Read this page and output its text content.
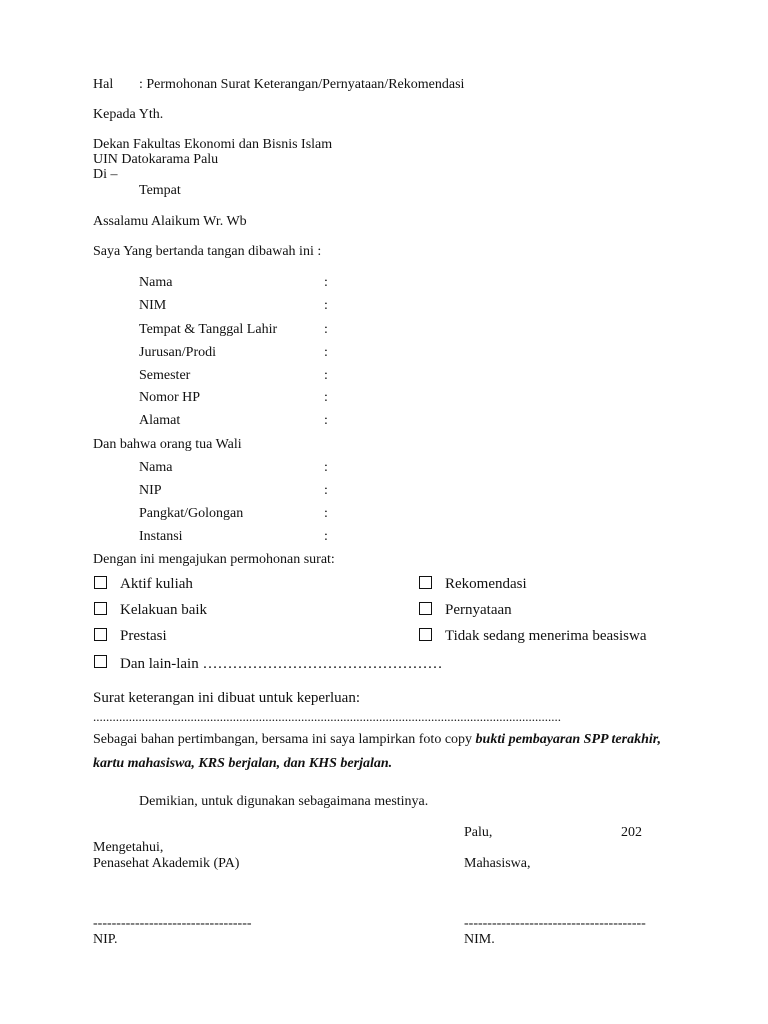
Hal : Permohonan Surat Keterangan/Pernyataan/Rekomendasi
Kepada Yth.
Dekan Fakultas Ekonomi dan Bisnis Islam
UIN Datokarama Palu
Di –
Tempat
Assalamu Alaikum Wr. Wb
Saya Yang bertanda tangan dibawah ini :
Nama	:
NIM	:
Tempat & Tanggal Lahir	:
Jurusan/Prodi	:
Semester	:
Nomor HP	:
Alamat	:
Dan bahwa orang tua Wali
Nama	:
NIP	:
Pangkat/Golongan	:
Instansi	:
Dengan ini mengajukan permohonan surat:
Aktif kuliah	Rekomendasi
Kelakuan baik	Pernyataan
Prestasi	Tidak sedang menerima beasiswa
Dan lain-lain …………………………………………
Surat keterangan ini dibuat untuk keperluan:
................................................................................................................................................
Sebagai bahan pertimbangan, bersama ini saya lampirkan foto copy bukti pembayaran SPP terakhir,
kartu mahasiswa, KRS berjalan, dan KHS berjalan.
Demikian, untuk digunakan sebagaimana mestinya.
Palu,	202
Mengetahui,
Penasehat Akademik (PA)	Mahasiswa,
----------------------------------	---------------------------------------
NIP.	NIM.
